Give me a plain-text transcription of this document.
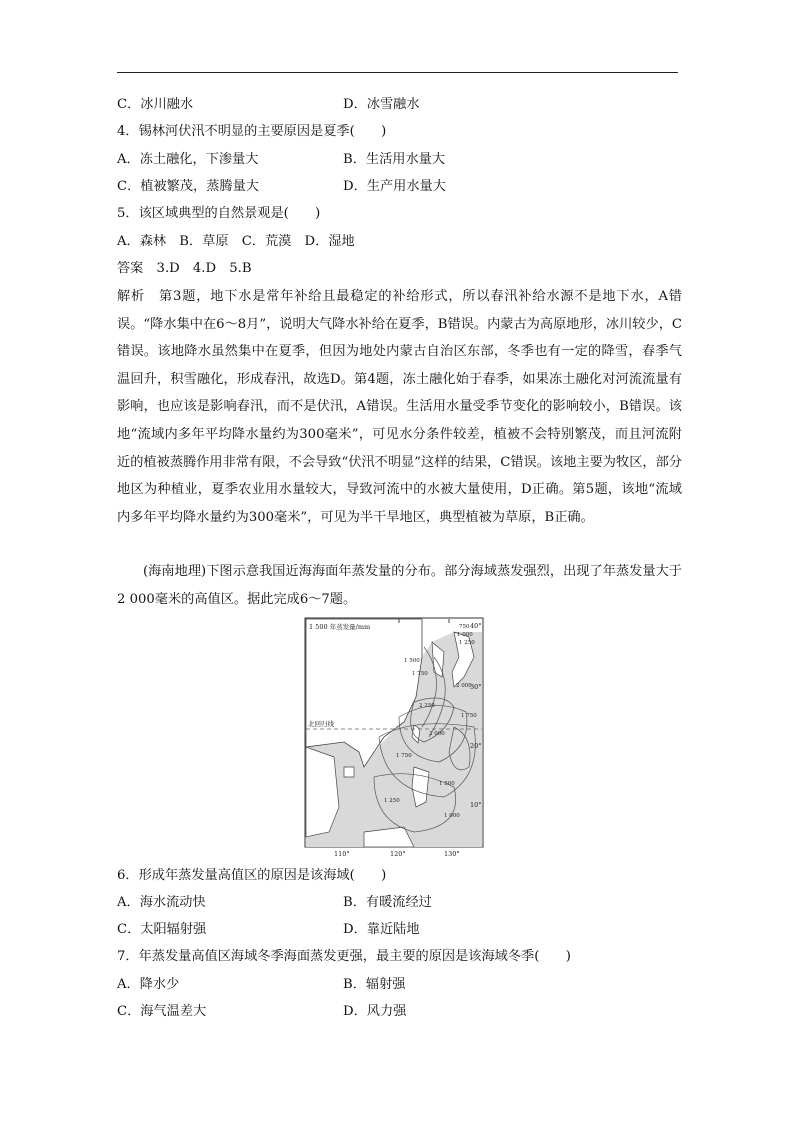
C．冰川融水	D．冰雪融水
4．锡林河伏汛不明显的主要原因是夏季(　　)
A．冻土融化，下渗量大	B．生活用水量大
C．植被繁茂，蒸腾量大	D．生产用水量大
5．该区域典型的自然景观是(　　)
A．森林　B．草原　C．荒漠　D．湿地
答案　3.D　4.D　5.B

解析　第3题，地下水是常年补给且最稳定的补给形式，所以春汛补给水源不是地下水，A错误。“降水集中在6～8月”，说明大气降水补给在夏季，B错误。内蒙古为高原地形，冰川较少，C错误。该地降水虽然集中在夏季，但因为地处内蒙古自治区东部，冬季也有一定的降雪，春季气温回升，积雪融化，形成春汛，故选D。第4题，冻土融化始于春季，如果冻土融化对河流流量有影响，也应该是影响春汛，而不是伏汛，A错误。生活用水量受季节变化的影响较小，B错误。该地“流域内多年平均降水量约为300毫米”，可见水分条件较差，植被不会特别繁茂，而且河流附近的植被蒸腾作用非常有限，不会导致“伏汛不明显”这样的结果，C错误。该地主要为牧区，部分地区为种植业，夏季农业用水量较大，导致河流中的水被大量使用，D正确。第5题，该地“流域内多年平均降水量约为300毫米”，可见为半干旱地区，典型植被为草原，B正确。

(海南地理)下图示意我国近海海面年蒸发量的分布。部分海域蒸发强烈，出现了年蒸发量大于2 000毫米的高值区。据此完成6～7题。

1 500 年蒸发量/mm
北回归线
750
1 000
1 250
1 500
1 750
2 000
2 250
1 750
2 000
1 750
1 500
1 250
1 000
40°
30°
20°
10°
110°	120°	130°
6．形成年蒸发量高值区的原因是该海域(　　)
A．海水流动快	B．有暖流经过
C．太阳辐射强	D．靠近陆地
7．年蒸发量高值区海域冬季海面蒸发更强，最主要的原因是该海域冬季(　　)
A．降水少	B．辐射强
C．海气温差大	D．风力强
